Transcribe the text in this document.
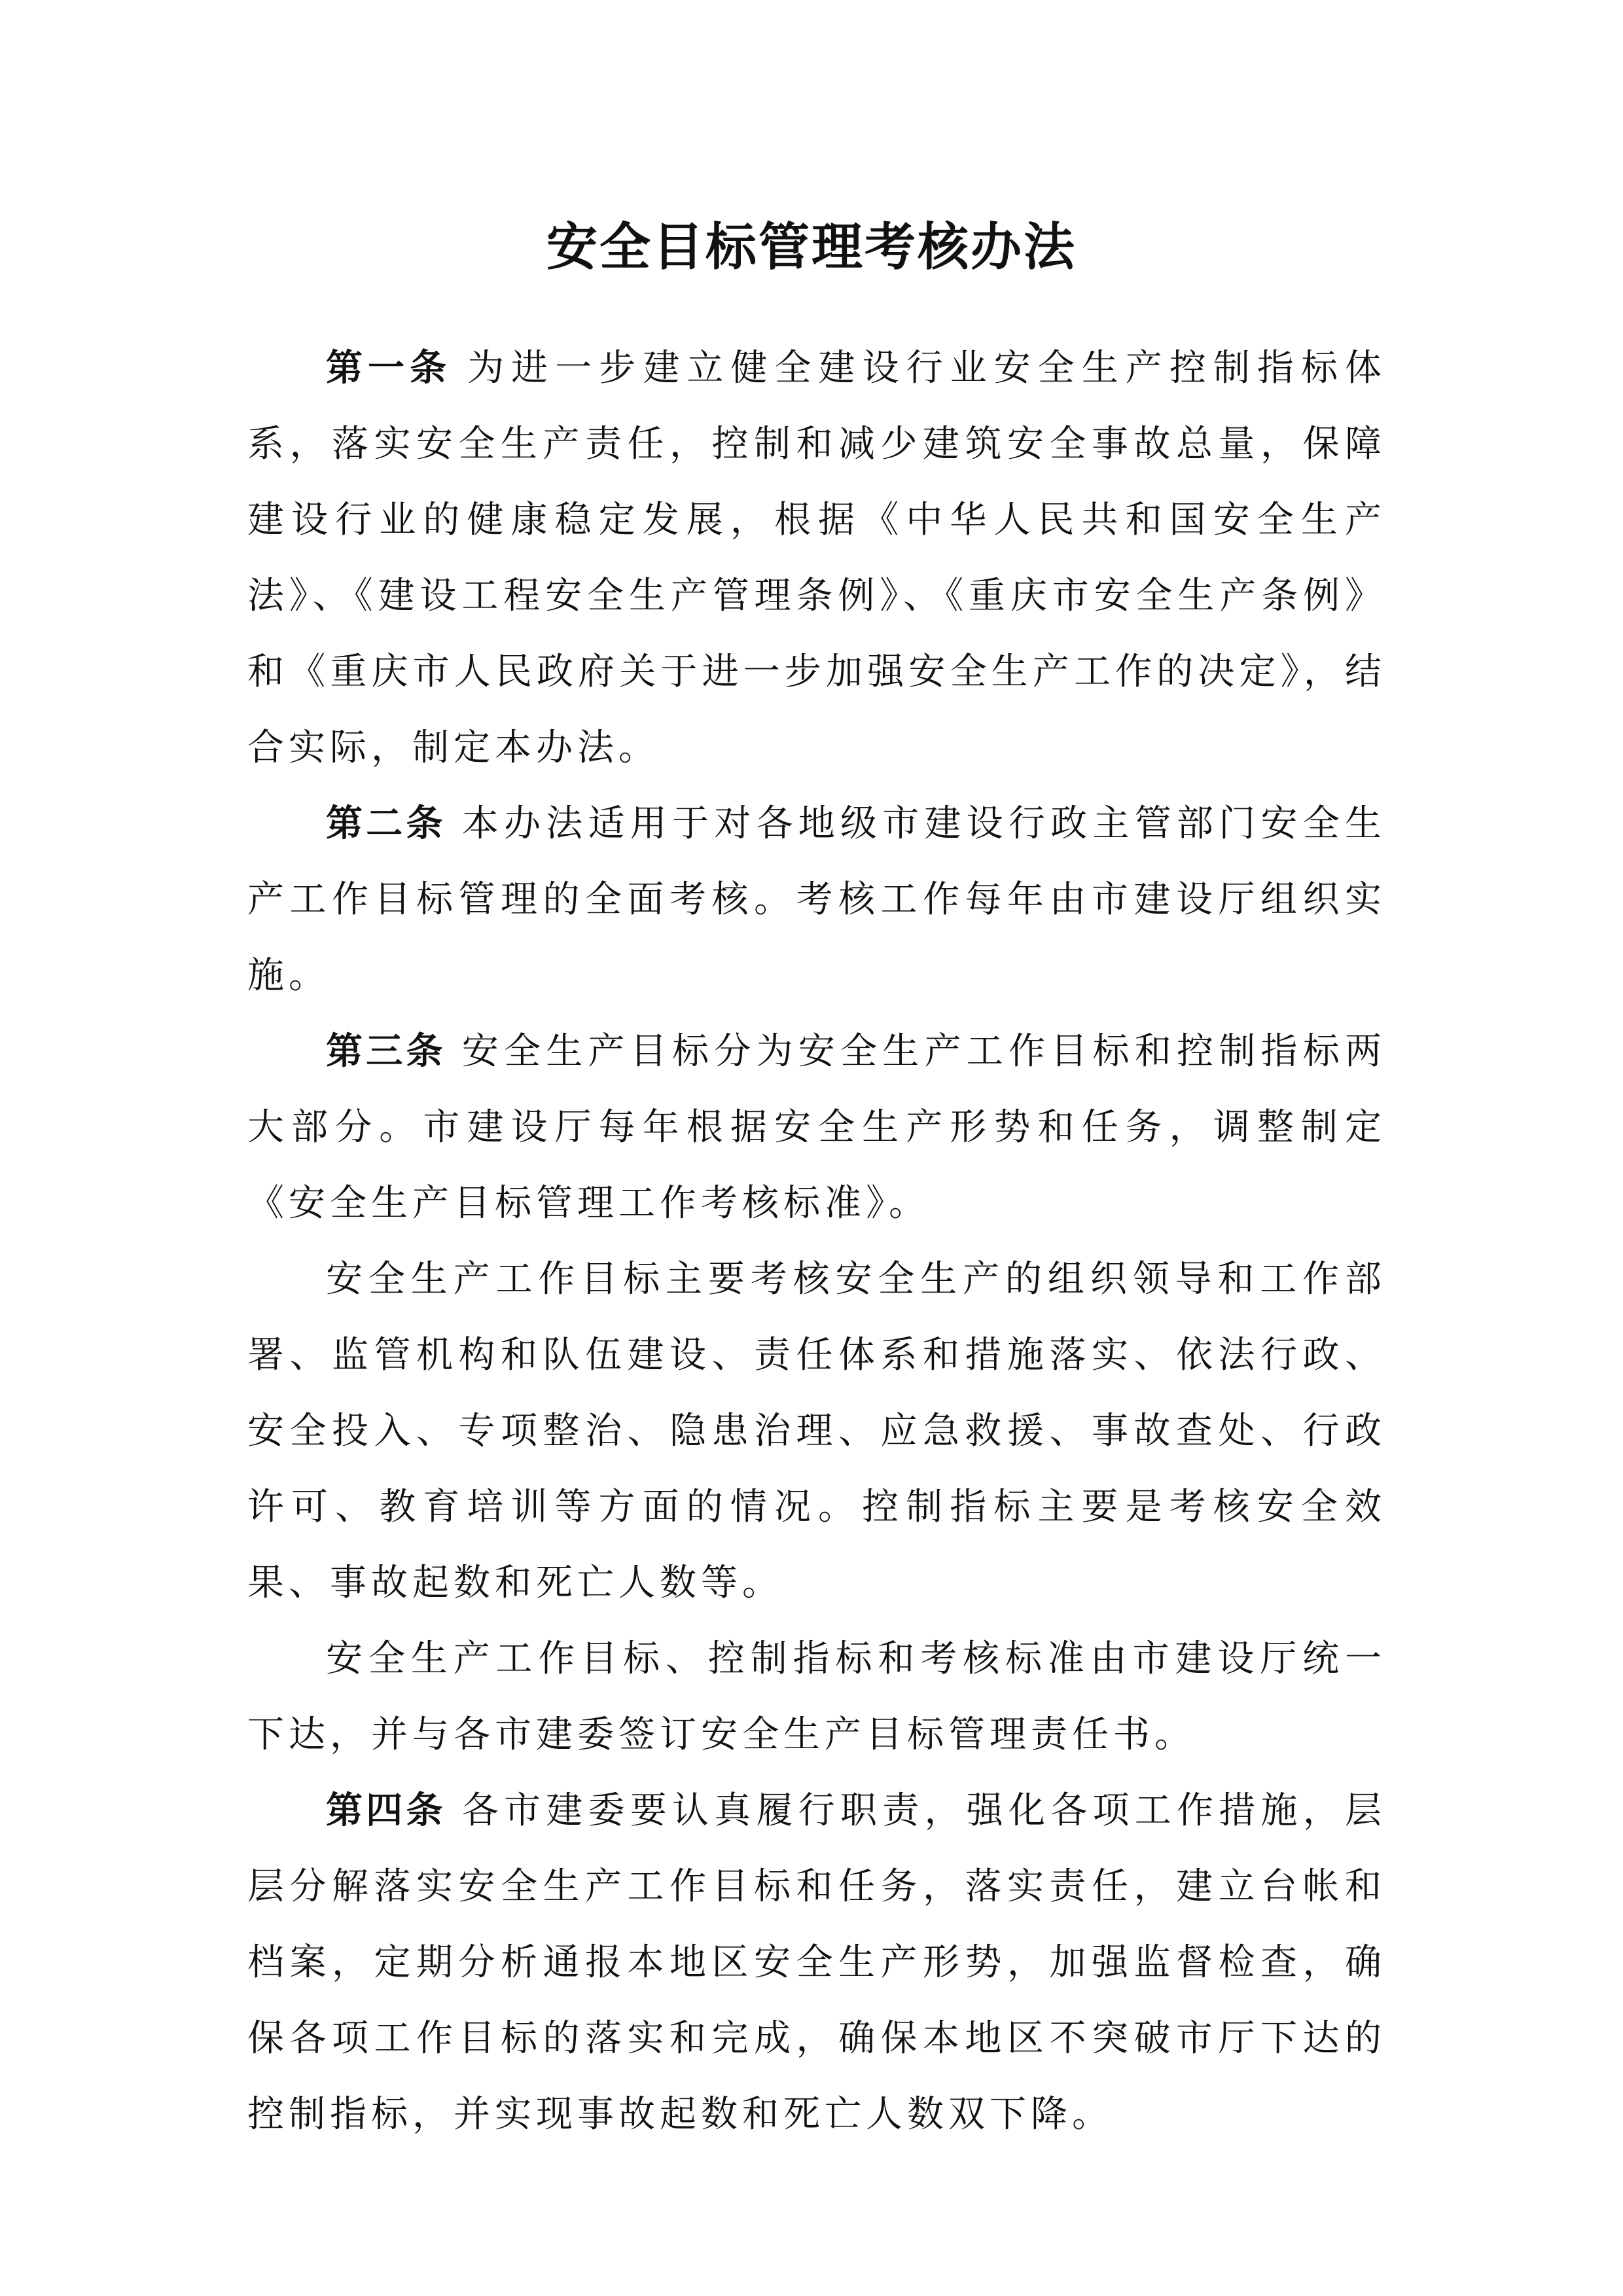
安全目标管理考核办法

第一条 为进一步建立健全建设行业安全生产控制指标体系，落实安全生产责任，控制和减少建筑安全事故总量，保障建设行业的健康稳定发展，根据《中华人民共和国安全生产法》、《建设工程安全生产管理条例》、《重庆市安全生产条例》和《重庆市人民政府关于进一步加强安全生产工作的决定》，结合实际，制定本办法。

第二条 本办法适用于对各地级市建设行政主管部门安全生产工作目标管理的全面考核。考核工作每年由市建设厅组织实施。

第三条 安全生产目标分为安全生产工作目标和控制指标两大部分。市建设厅每年根据安全生产形势和任务，调整制定《安全生产目标管理工作考核标准》。

安全生产工作目标主要考核安全生产的组织领导和工作部署、监管机构和队伍建设、责任体系和措施落实、依法行政、安全投入、专项整治、隐患治理、应急救援、事故查处、行政许可、教育培训等方面的情况。控制指标主要是考核安全效果、事故起数和死亡人数等。

安全生产工作目标、控制指标和考核标准由市建设厅统一下达，并与各市建委签订安全生产目标管理责任书。

第四条 各市建委要认真履行职责，强化各项工作措施，层层分解落实安全生产工作目标和任务，落实责任，建立台帐和档案，定期分析通报本地区安全生产形势，加强监督检查，确保各项工作目标的落实和完成，确保本地区不突破市厅下达的控制指标，并实现事故起数和死亡人数双下降。
